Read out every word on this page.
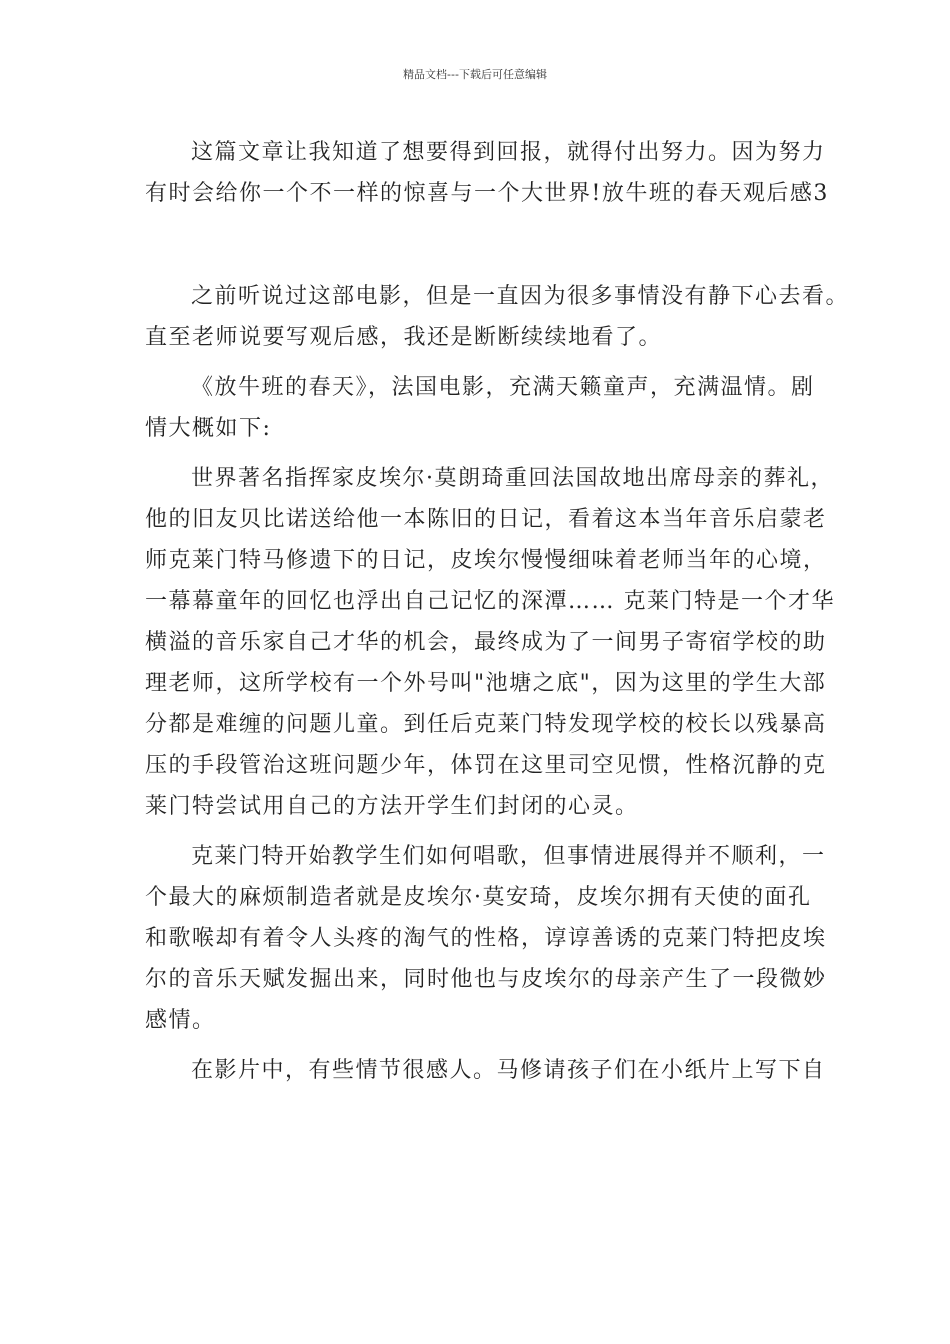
精品文档---下载后可任意编辑

这篇文章让我知道了想要得到回报，就得付出努力。因为努力
有时会给你一个不一样的惊喜与一个大世界!放牛班的春天观后感3

之前听说过这部电影，但是一直因为很多事情没有静下心去看。
直至老师说要写观后感，我还是断断续续地看了。

《放牛班的春天》，法国电影，充满天籁童声，充满温情。剧
情大概如下:

世界著名指挥家皮埃尔·莫朗琦重回法国故地出席母亲的葬礼，
他的旧友贝比诺送给他一本陈旧的日记，看着这本当年音乐启蒙老
师克莱门特马修遗下的日记，皮埃尔慢慢细味着老师当年的心境，
一幕幕童年的回忆也浮出自己记忆的深潭…… 克莱门特是一个才华
横溢的音乐家自己才华的机会，最终成为了一间男子寄宿学校的助
理老师，这所学校有一个外号叫"池塘之底"，因为这里的学生大部
分都是难缠的问题儿童。到任后克莱门特发现学校的校长以残暴高
压的手段管治这班问题少年，体罚在这里司空见惯，性格沉静的克
莱门特尝试用自己的方法开学生们封闭的心灵。

克莱门特开始教学生们如何唱歌，但事情进展得并不顺利，一
个最大的麻烦制造者就是皮埃尔·莫安琦，皮埃尔拥有天使的面孔
和歌喉却有着令人头疼的淘气的性格，谆谆善诱的克莱门特把皮埃
尔的音乐天赋发掘出来，同时他也与皮埃尔的母亲产生了一段微妙
感情。

在影片中，有些情节很感人。马修请孩子们在小纸片上写下自
